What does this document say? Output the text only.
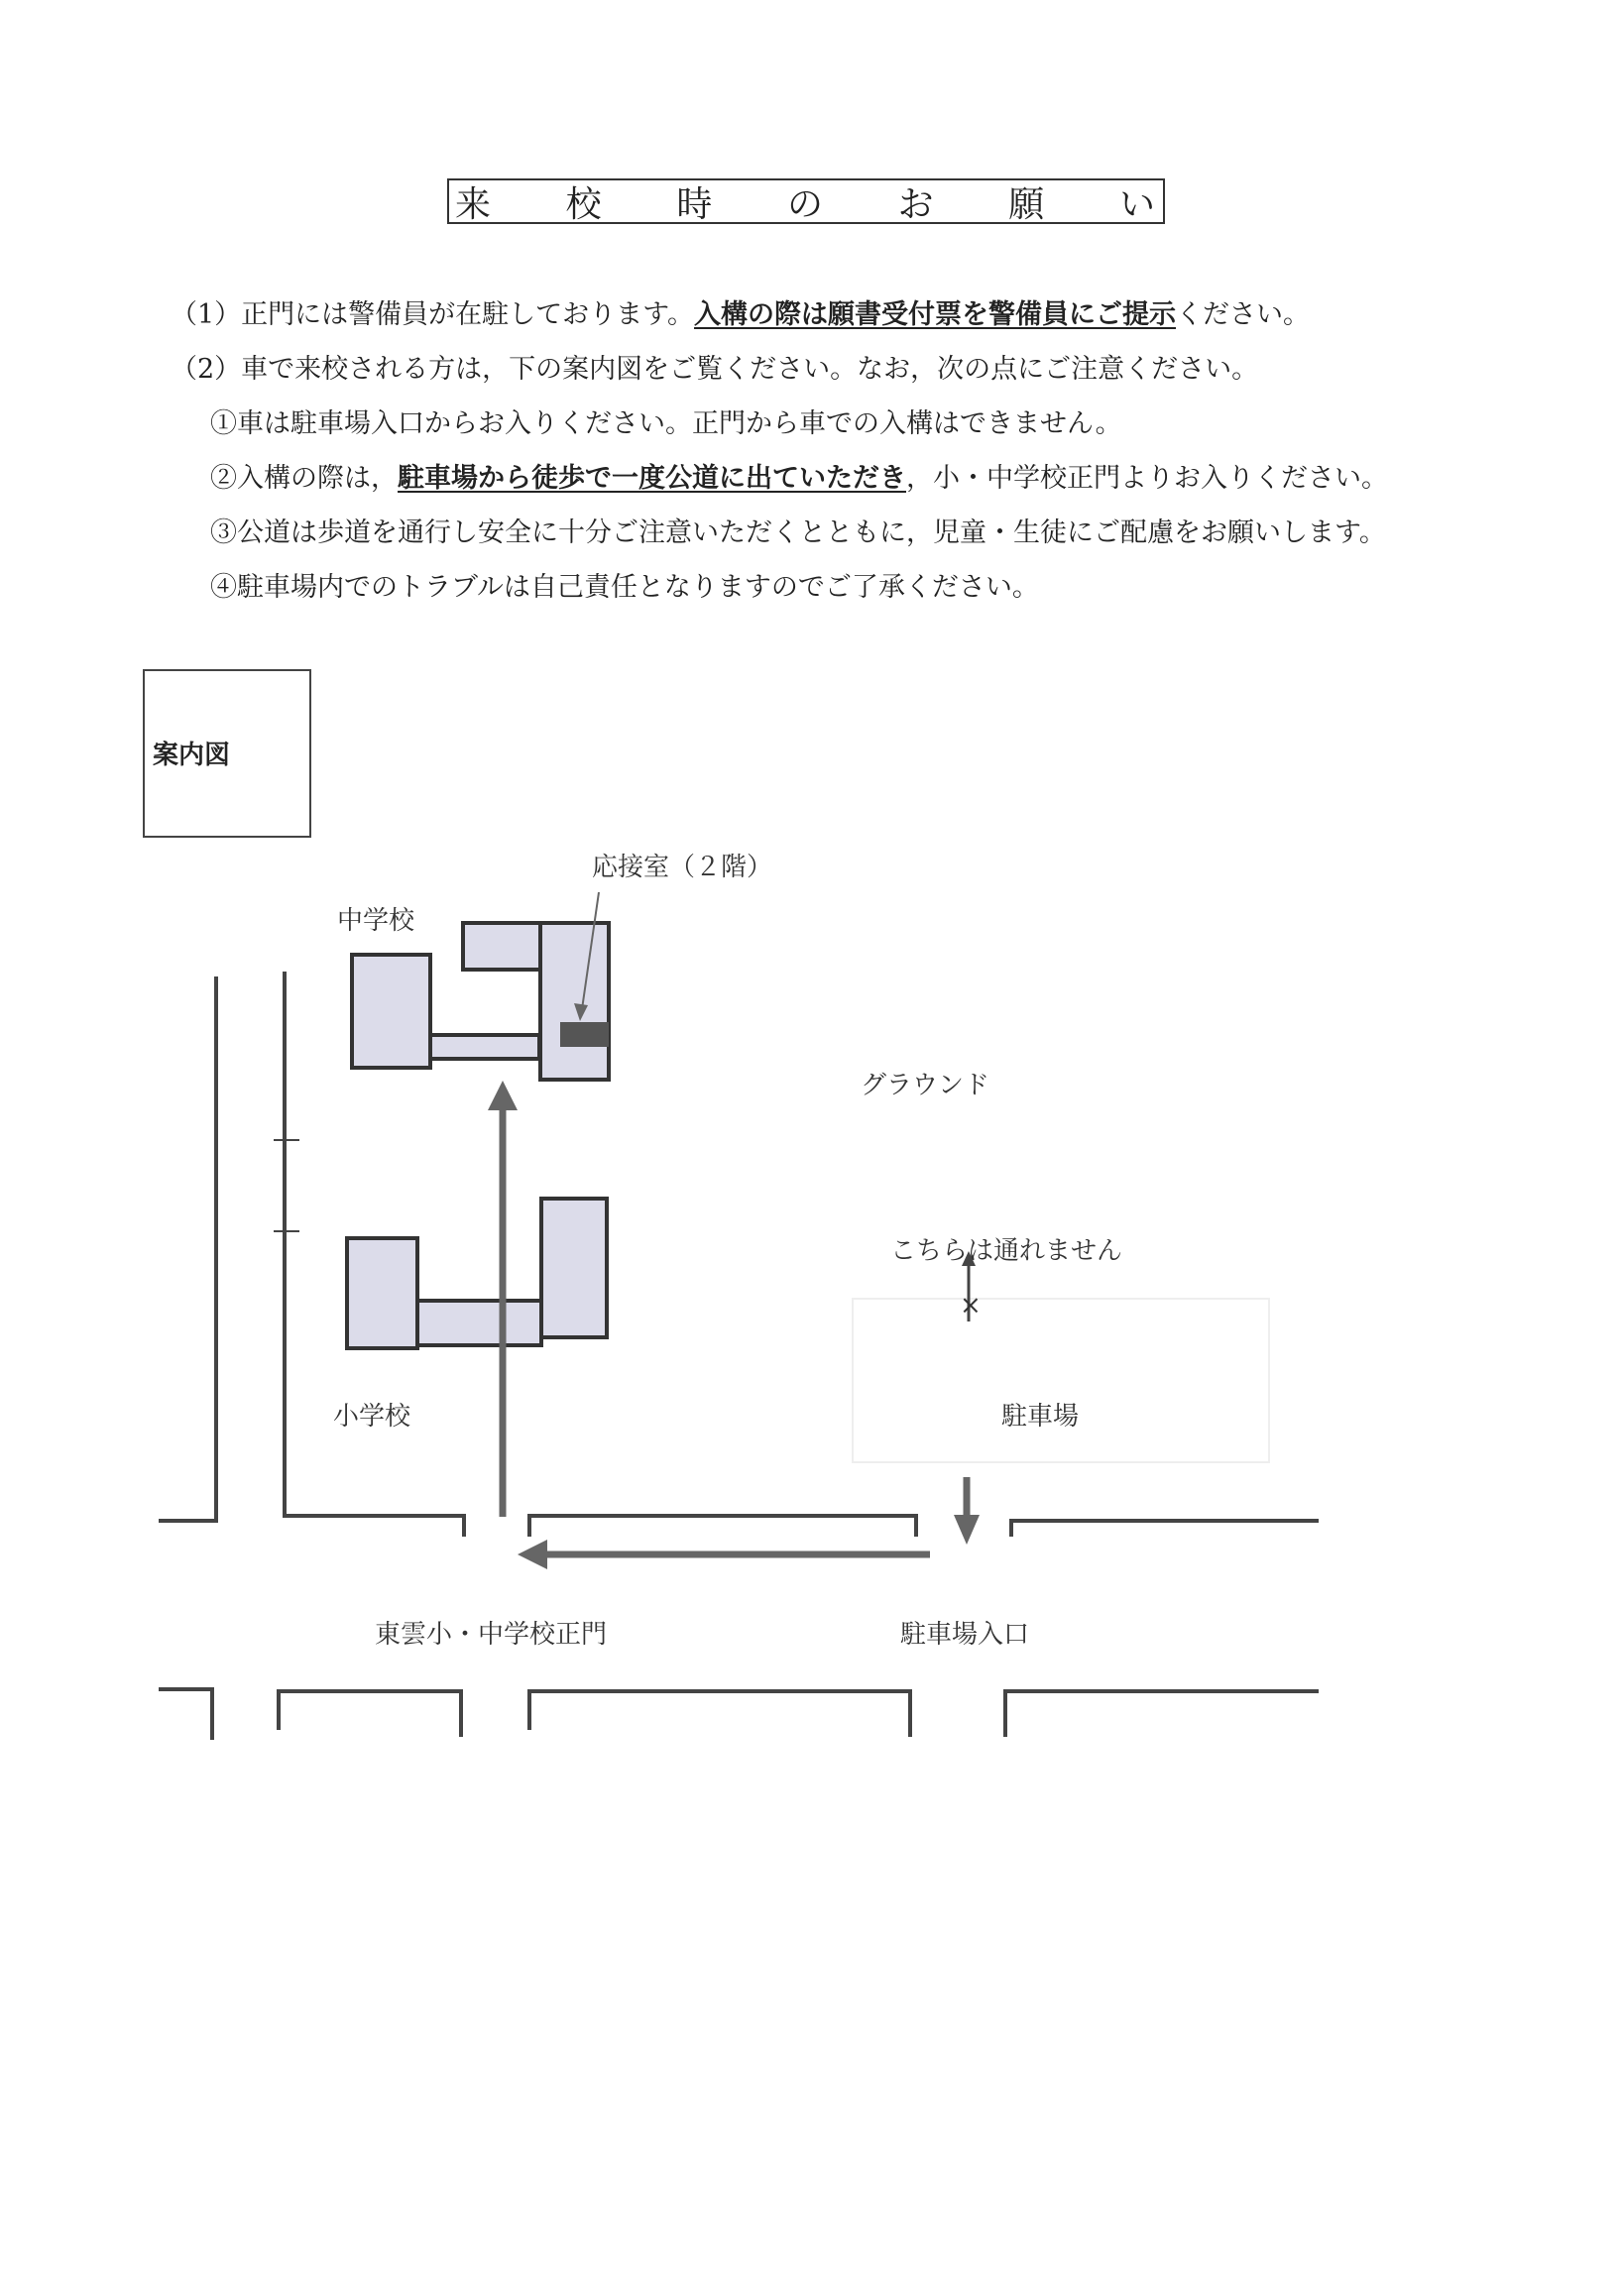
来 校 時 の お 願 い
（1）正門には警備員が在駐しております。入構の際は願書受付票を警備員にご提示ください。
（2）車で来校される方は，下の案内図をご覧ください。なお，次の点にご注意ください。
①車は駐車場入口からお入りください。正門から車での入構はできません。
②入構の際は，駐車場から徒歩で一度公道に出ていただき，小・中学校正門よりお入りください。
③公道は歩道を通行し安全に十分ご注意いただくとともに，児童・生徒にご配慮をお願いします。
④駐車場内でのトラブルは自己責任となりますのでご了承ください。
案内図
応接室（２階）
中学校
グラウンド
こちらは通れません
×
小学校	駐車場
東雲小・中学校正門	駐車場入口
